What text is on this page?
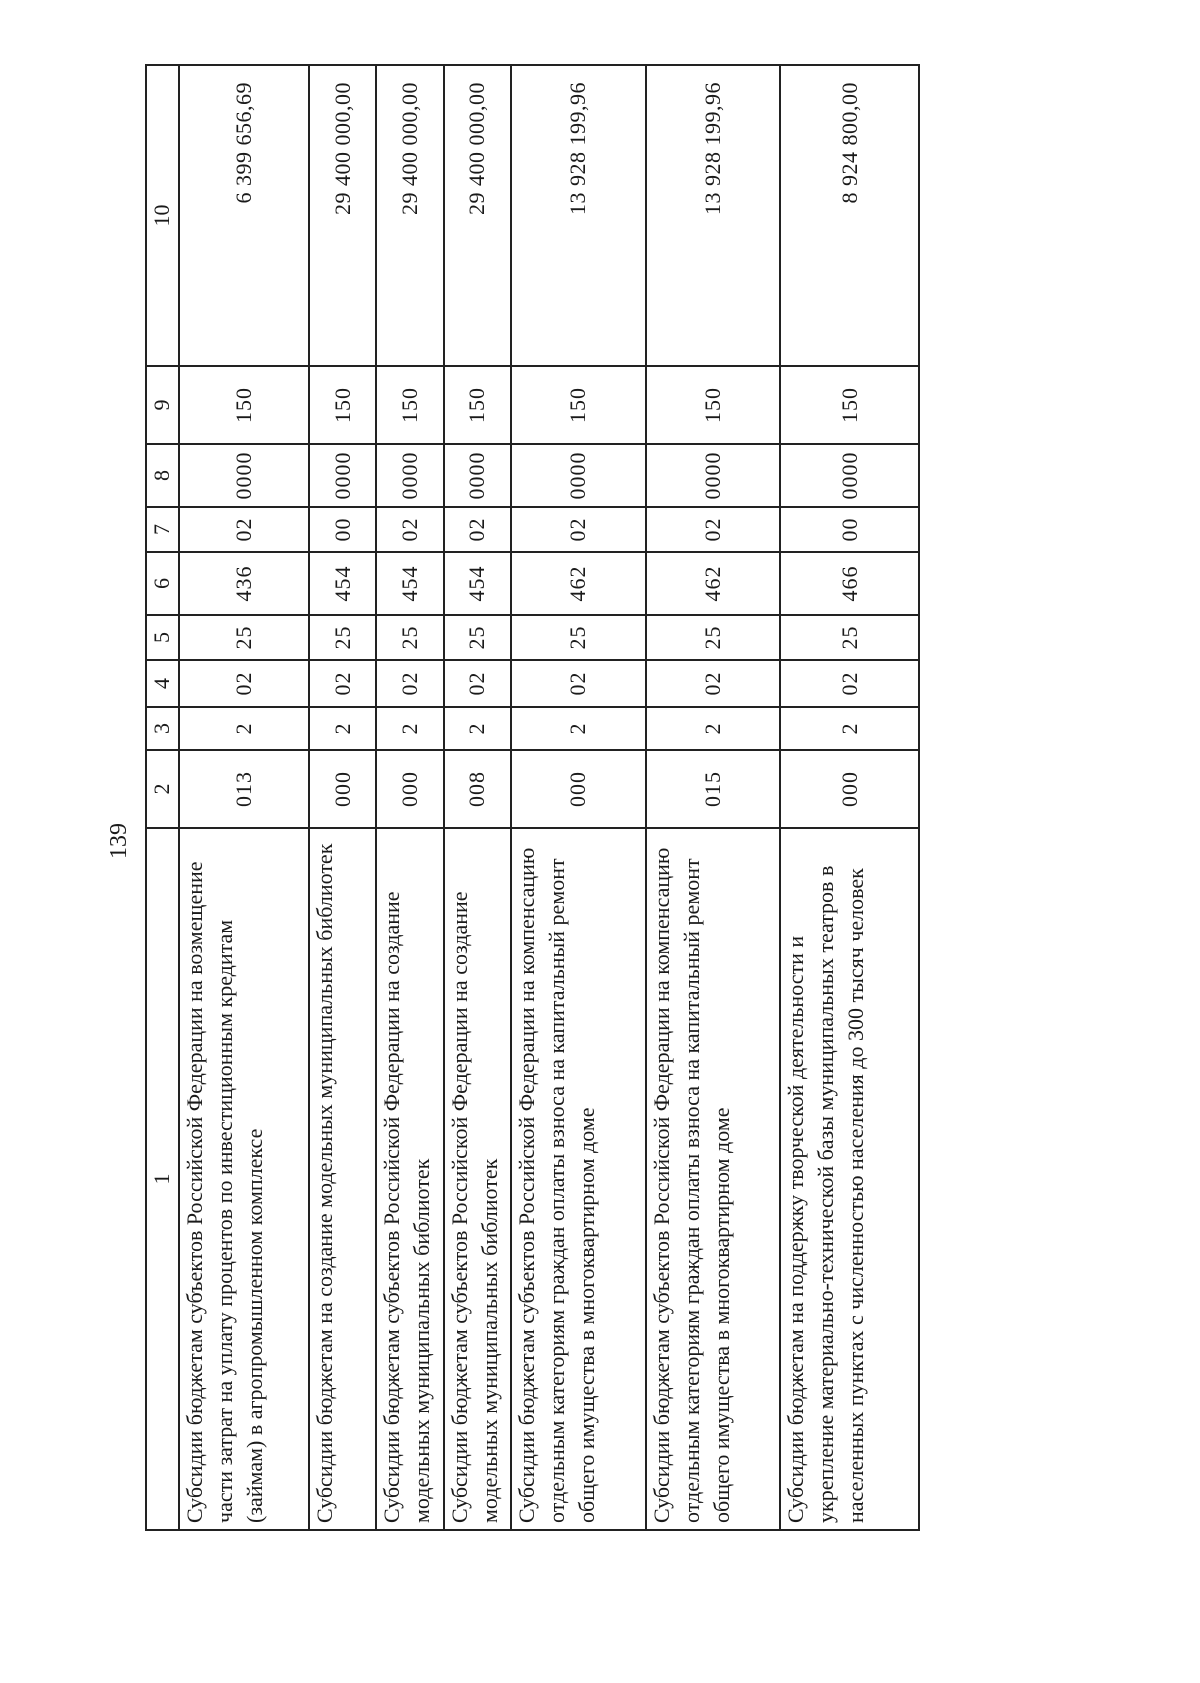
139
1	2	3	4	5	6	7	8	9	10
Субсидии бюджетам субъектов Российской Федерации на возмещение части затрат на уплату процентов по инвестиционным кредитам (займам) в агропромышленном комплексе	013	2	02	25	436	02	0000	150	6 399 656,69
Субсидии бюджетам на создание модельных муниципальных библиотек	000	2	02	25	454	00	0000	150	29 400 000,00
Субсидии бюджетам субъектов Российской Федерации на создание модельных муниципальных библиотек	000	2	02	25	454	02	0000	150	29 400 000,00
Субсидии бюджетам субъектов Российской Федерации на создание модельных муниципальных библиотек	008	2	02	25	454	02	0000	150	29 400 000,00
Субсидии бюджетам субъектов Российской Федерации на компенсацию отдельным категориям граждан оплаты взноса на капитальный ремонт общего имущества в многоквартирном доме	000	2	02	25	462	02	0000	150	13 928 199,96
Субсидии бюджетам субъектов Российской Федерации на компенсацию отдельным категориям граждан оплаты взноса на капитальный ремонт общего имущества в многоквартирном доме	015	2	02	25	462	02	0000	150	13 928 199,96
Субсидии бюджетам на поддержку творческой деятельности и укрепление материально-технической базы муниципальных театров в населенных пунктах с численностью населения до 300 тысяч человек	000	2	02	25	466	00	0000	150	8 924 800,00
